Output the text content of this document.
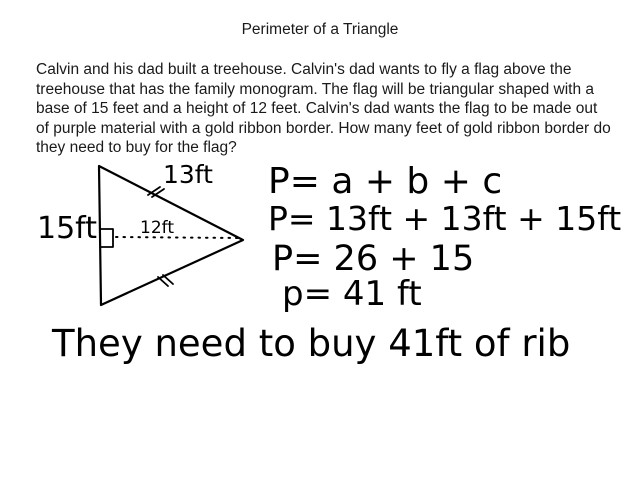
Perimeter of a Triangle
Calvin and his dad built a treehouse. Calvin's dad wants to fly a flag above the treehouse that has the family monogram. The flag will be triangular shaped with a base of 15 feet and a height of 12 feet. Calvin's dad wants the flag to be made out of purple material with a gold ribbon border. How many feet of gold ribbon border do they need to buy for the flag?
13ft
15ft	12ft
P= a + b + c
P= 13ft + 13ft + 15ft
P= 26 + 15
p= 41 ft
They need to buy 41ft of rib
